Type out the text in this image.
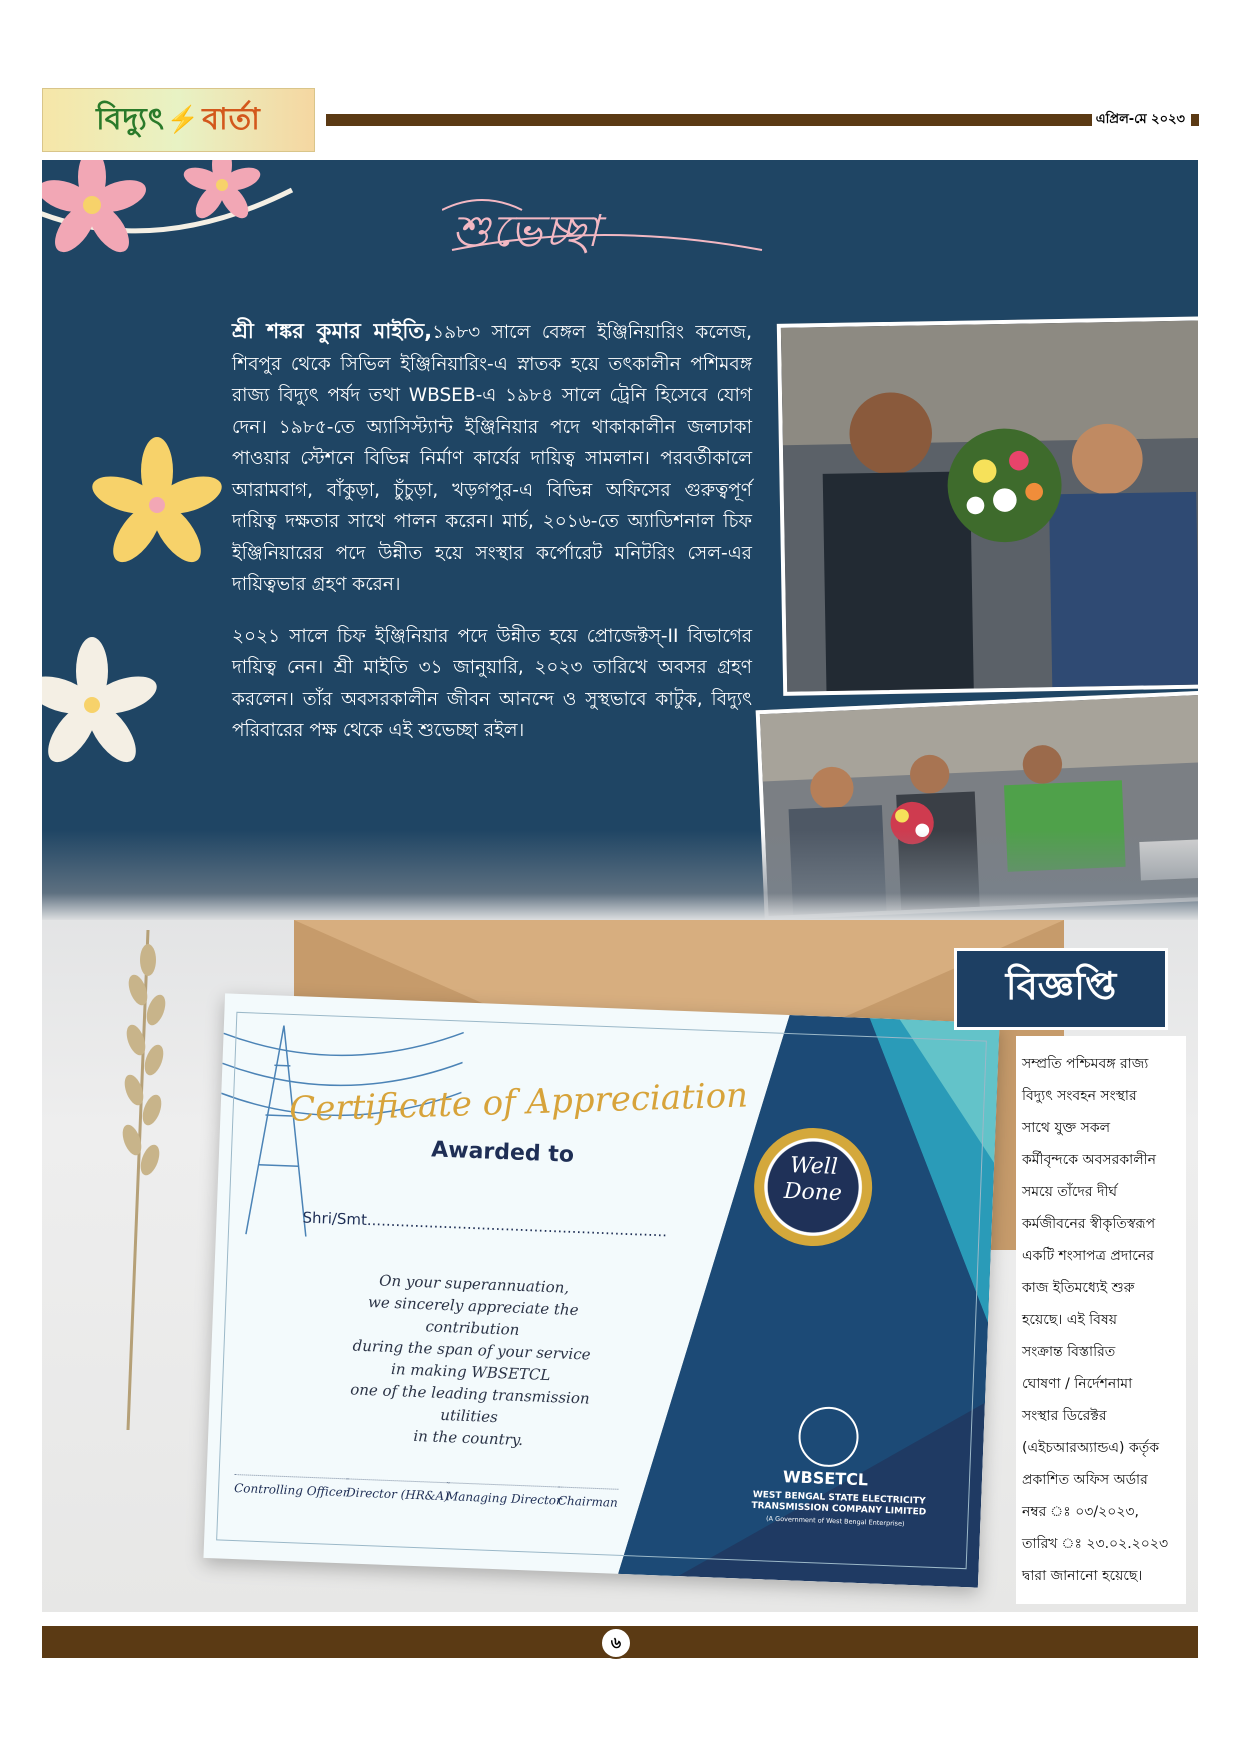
বিদ্যুৎ ⚡ বার্তা	এপ্রিল-মে ২০২৩
শুভেচ্ছা

শ্রী শঙ্কর কুমার মাইতি,১৯৮৩ সালে বেঙ্গল ইঞ্জিনিয়ারিং কলেজ, শিবপুর থেকে সিভিল ইঞ্জিনিয়ারিং-এ স্নাতক হয়ে তৎকালীন পশিমবঙ্গ রাজ্য বিদ্যুৎ পর্ষদ তথা WBSEB-এ ১৯৮৪ সালে ট্রেনি হিসেবে যোগ দেন। ১৯৮৫-তে অ্যাসিস্ট্যান্ট ইঞ্জিনিয়ার পদে থাকাকালীন জলঢাকা পাওয়ার স্টেশনে বিভিন্ন নির্মাণ কার্যের দায়িত্ব সামলান। পরবর্তীকালে আরামবাগ, বাঁকুড়া, চুঁচুড়া, খড়গপুর-এ বিভিন্ন অফিসের গুরুত্বপূর্ণ দায়িত্ব দক্ষতার সাথে পালন করেন। মার্চ, ২০১৬-তে অ্যাডিশনাল চিফ ইঞ্জিনিয়ারের পদে উন্নীত হয়ে সংস্থার কর্পোরেট মনিটরিং সেল-এর দায়িত্বভার গ্রহণ করেন।

২০২১ সালে চিফ ইঞ্জিনিয়ার পদে উন্নীত হয়ে প্রোজেক্টস্-II বিভাগের দায়িত্ব নেন। শ্রী মাইতি ৩১ জানুয়ারি, ২০২৩ তারিখে অবসর গ্রহণ করলেন। তাঁর অবসরকালীন জীবন আনন্দে ও সুস্থভাবে কাটুক, বিদ্যুৎ পরিবারের পক্ষ থেকে এই শুভেচ্ছা রইল।

Certificate of Appreciation
Awarded to
Shri/Smt...............................................................
On your superannuation,
we sincerely appreciate the contribution
during the span of your service
in making WBSETCL
one of the leading transmission utilities
in the country.
Controlling Officer
Director (HR&A)
Managing Director
Chairman
Well
Done
WBSETCL
WEST BENGAL STATE ELECTRICITY TRANSMISSION COMPANY LIMITED
(A Government of West Bengal Enterprise)
বিজ্ঞপ্তি
সম্প্রতি পশ্চিমবঙ্গ রাজ্য
বিদ্যুৎ সংবহন সংস্থার
সাথে যুক্ত সকল
কর্মীবৃন্দকে অবসরকালীন
সময়ে তাঁদের দীর্ঘ
কর্মজীবনের স্বীকৃতিস্বরূপ
একটি শংসাপত্র প্রদানের
কাজ ইতিমধ্যেই শুরু
হয়েছে। এই বিষয়
সংক্রান্ত বিস্তারিত
ঘোষণা / নির্দেশনামা
সংস্থার ডিরেক্টর
(এইচআরঅ্যান্ডএ) কর্তৃক
প্রকাশিত অফিস অর্ডার
নম্বর ঃ ০৩/২০২৩,
তারিখ ঃ ২৩.০২.২০২৩
দ্বারা জানানো হয়েছে।
৬
